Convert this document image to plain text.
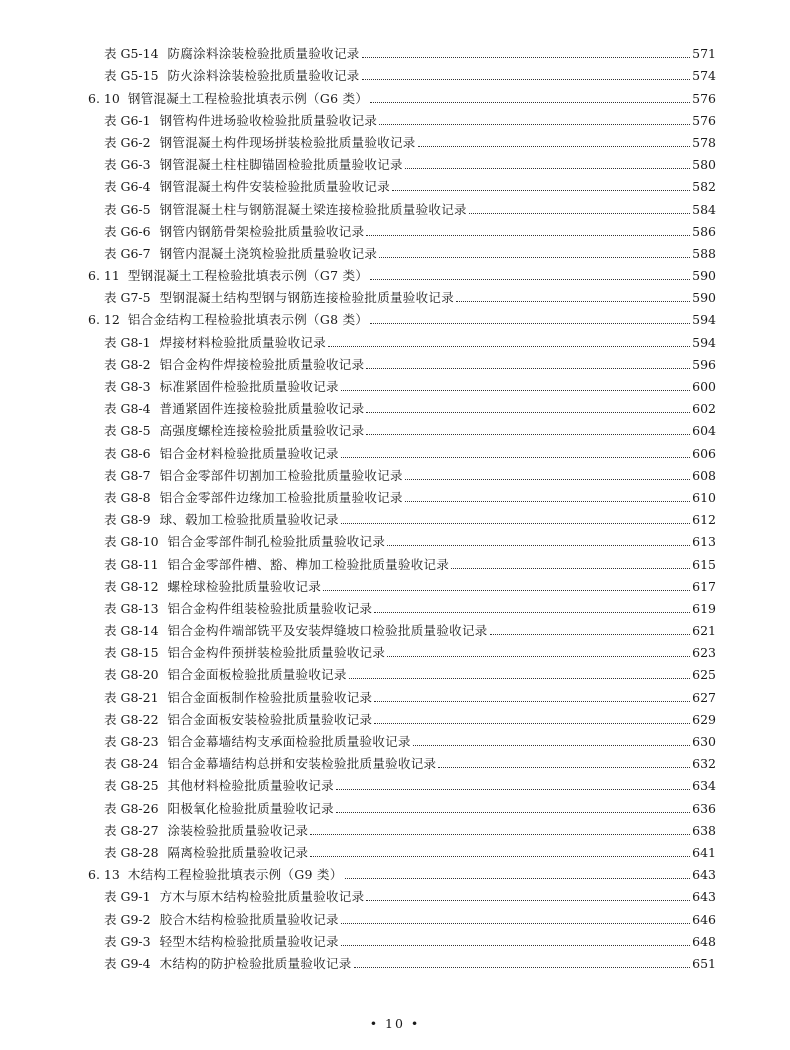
表 G5-14 防腐涂料涂装检验批质量验收记录	571
表 G5-15 防火涂料涂装检验批质量验收记录	574
6. 10 钢管混凝土工程检验批填表示例（G6 类）	576
表 G6-1 钢管构件进场验收检验批质量验收记录	576
表 G6-2 钢管混凝土构件现场拼装检验批质量验收记录	578
表 G6-3 钢管混凝土柱柱脚锚固检验批质量验收记录	580
表 G6-4 钢管混凝土构件安装检验批质量验收记录	582
表 G6-5 钢管混凝土柱与钢筋混凝土梁连接检验批质量验收记录	584
表 G6-6 钢管内钢筋骨架检验批质量验收记录	586
表 G6-7 钢管内混凝土浇筑检验批质量验收记录	588
6. 11 型钢混凝土工程检验批填表示例（G7 类）	590
表 G7-5 型钢混凝土结构型钢与钢筋连接检验批质量验收记录	590
6. 12 铝合金结构工程检验批填表示例（G8 类）	594
表 G8-1 焊接材料检验批质量验收记录	594
表 G8-2 铝合金构件焊接检验批质量验收记录	596
表 G8-3 标准紧固件检验批质量验收记录	600
表 G8-4 普通紧固件连接检验批质量验收记录	602
表 G8-5 高强度螺栓连接检验批质量验收记录	604
表 G8-6 铝合金材料检验批质量验收记录	606
表 G8-7 铝合金零部件切割加工检验批质量验收记录	608
表 G8-8 铝合金零部件边缘加工检验批质量验收记录	610
表 G8-9 球、毂加工检验批质量验收记录	612
表 G8-10 铝合金零部件制孔检验批质量验收记录	613
表 G8-11 铝合金零部件槽、豁、榫加工检验批质量验收记录	615
表 G8-12 螺栓球检验批质量验收记录	617
表 G8-13 铝合金构件组装检验批质量验收记录	619
表 G8-14 铝合金构件端部铣平及安装焊缝坡口检验批质量验收记录	621
表 G8-15 铝合金构件预拼装检验批质量验收记录	623
表 G8-20 铝合金面板检验批质量验收记录	625
表 G8-21 铝合金面板制作检验批质量验收记录	627
表 G8-22 铝合金面板安装检验批质量验收记录	629
表 G8-23 铝合金幕墙结构支承面检验批质量验收记录	630
表 G8-24 铝合金幕墙结构总拼和安装检验批质量验收记录	632
表 G8-25 其他材料检验批质量验收记录	634
表 G8-26 阳极氧化检验批质量验收记录	636
表 G8-27 涂装检验批质量验收记录	638
表 G8-28 隔离检验批质量验收记录	641
6. 13 木结构工程检验批填表示例（G9 类）	643
表 G9-1 方木与原木结构检验批质量验收记录	643
表 G9-2 胶合木结构检验批质量验收记录	646
表 G9-3 轻型木结构检验批质量验收记录	648
表 G9-4 木结构的防护检验批质量验收记录	651
• 10 •
